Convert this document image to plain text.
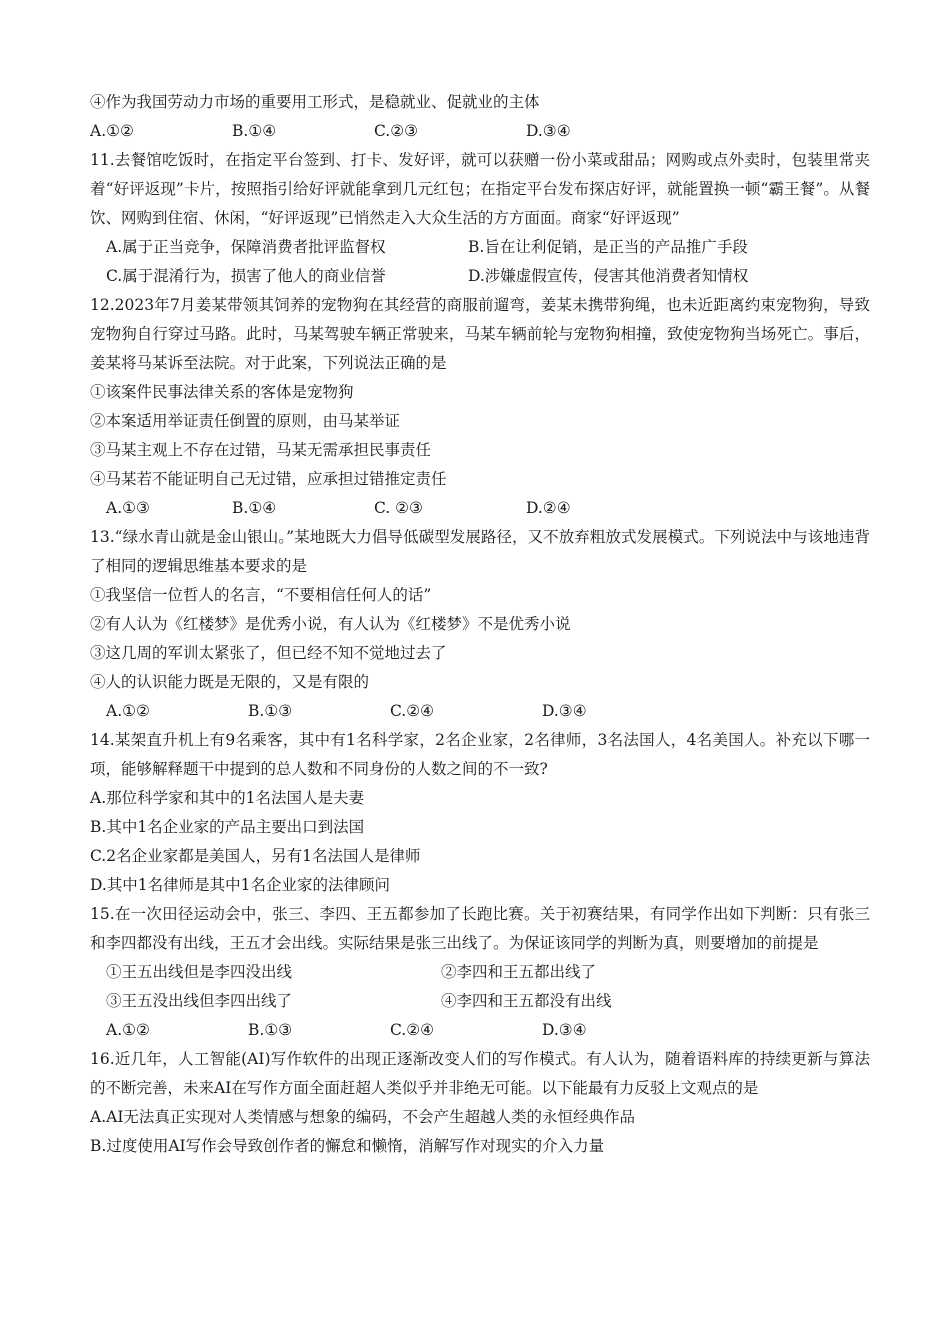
④作为我国劳动力市场的重要用工形式，是稳就业、促就业的主体
A.①②	B.①④	C.②③	D.③④
11.去餐馆吃饭时，在指定平台签到、打卡、发好评，就可以获赠一份小菜或甜品；网购或点外卖时，包装里常夹着“好评返现”卡片，按照指引给好评就能拿到几元红包；在指定平台发布探店好评，就能置换一顿“霸王餐”。从餐饮、网购到住宿、休闲，“好评返现”已悄然走入大众生活的方方面面。商家“好评返现”
A.属于正当竞争，保障消费者批评监督权	B.旨在让利促销，是正当的产品推广手段
C.属于混淆行为，损害了他人的商业信誉	D.涉嫌虚假宣传，侵害其他消费者知情权
12.2023年7月姜某带领其饲养的宠物狗在其经营的商服前遛弯，姜某未携带狗绳，也未近距离约束宠物狗，导致宠物狗自行穿过马路。此时，马某驾驶车辆正常驶来，马某车辆前轮与宠物狗相撞，致使宠物狗当场死亡。事后，姜某将马某诉至法院。对于此案，下列说法正确的是
①该案件民事法律关系的客体是宠物狗
②本案适用举证责任倒置的原则，由马某举证
③马某主观上不存在过错，马某无需承担民事责任
④马某若不能证明自己无过错，应承担过错推定责任
A.①③	B.①④	C. ②③	D.②④
13.“绿水青山就是金山银山。”某地既大力倡导低碳型发展路径，又不放弃粗放式发展模式。下列说法中与该地违背了相同的逻辑思维基本要求的是
①我坚信一位哲人的名言，“不要相信任何人的话”
②有人认为《红楼梦》是优秀小说，有人认为《红楼梦》不是优秀小说
③这几周的军训太紧张了，但已经不知不觉地过去了
④人的认识能力既是无限的，又是有限的
A.①②	B.①③	C.②④	D.③④
14.某架直升机上有9名乘客，其中有1名科学家，2名企业家，2名律师，3名法国人，4名美国人。补充以下哪一项，能够解释题干中提到的总人数和不同身份的人数之间的不一致?
A.那位科学家和其中的1名法国人是夫妻
B.其中1名企业家的产品主要出口到法国
C.2名企业家都是美国人，另有1名法国人是律师
D.其中1名律师是其中1名企业家的法律顾问
15.在一次田径运动会中，张三、李四、王五都参加了长跑比赛。关于初赛结果，有同学作出如下判断：只有张三和李四都没有出线，王五才会出线。实际结果是张三出线了。为保证该同学的判断为真，则要增加的前提是
①王五出线但是李四没出线	②李四和王五都出线了
③王五没出线但李四出线了	④李四和王五都没有出线
A.①②	B.①③	C.②④	D.③④
16.近几年，人工智能(AI)写作软件的出现正逐渐改变人们的写作模式。有人认为，随着语料库的持续更新与算法的不断完善，未来AI在写作方面全面赶超人类似乎并非绝无可能。以下能最有力反驳上文观点的是
A.AI无法真正实现对人类情感与想象的编码，不会产生超越人类的永恒经典作品
B.过度使用AI写作会导致创作者的懈怠和懒惰，消解写作对现实的介入力量
